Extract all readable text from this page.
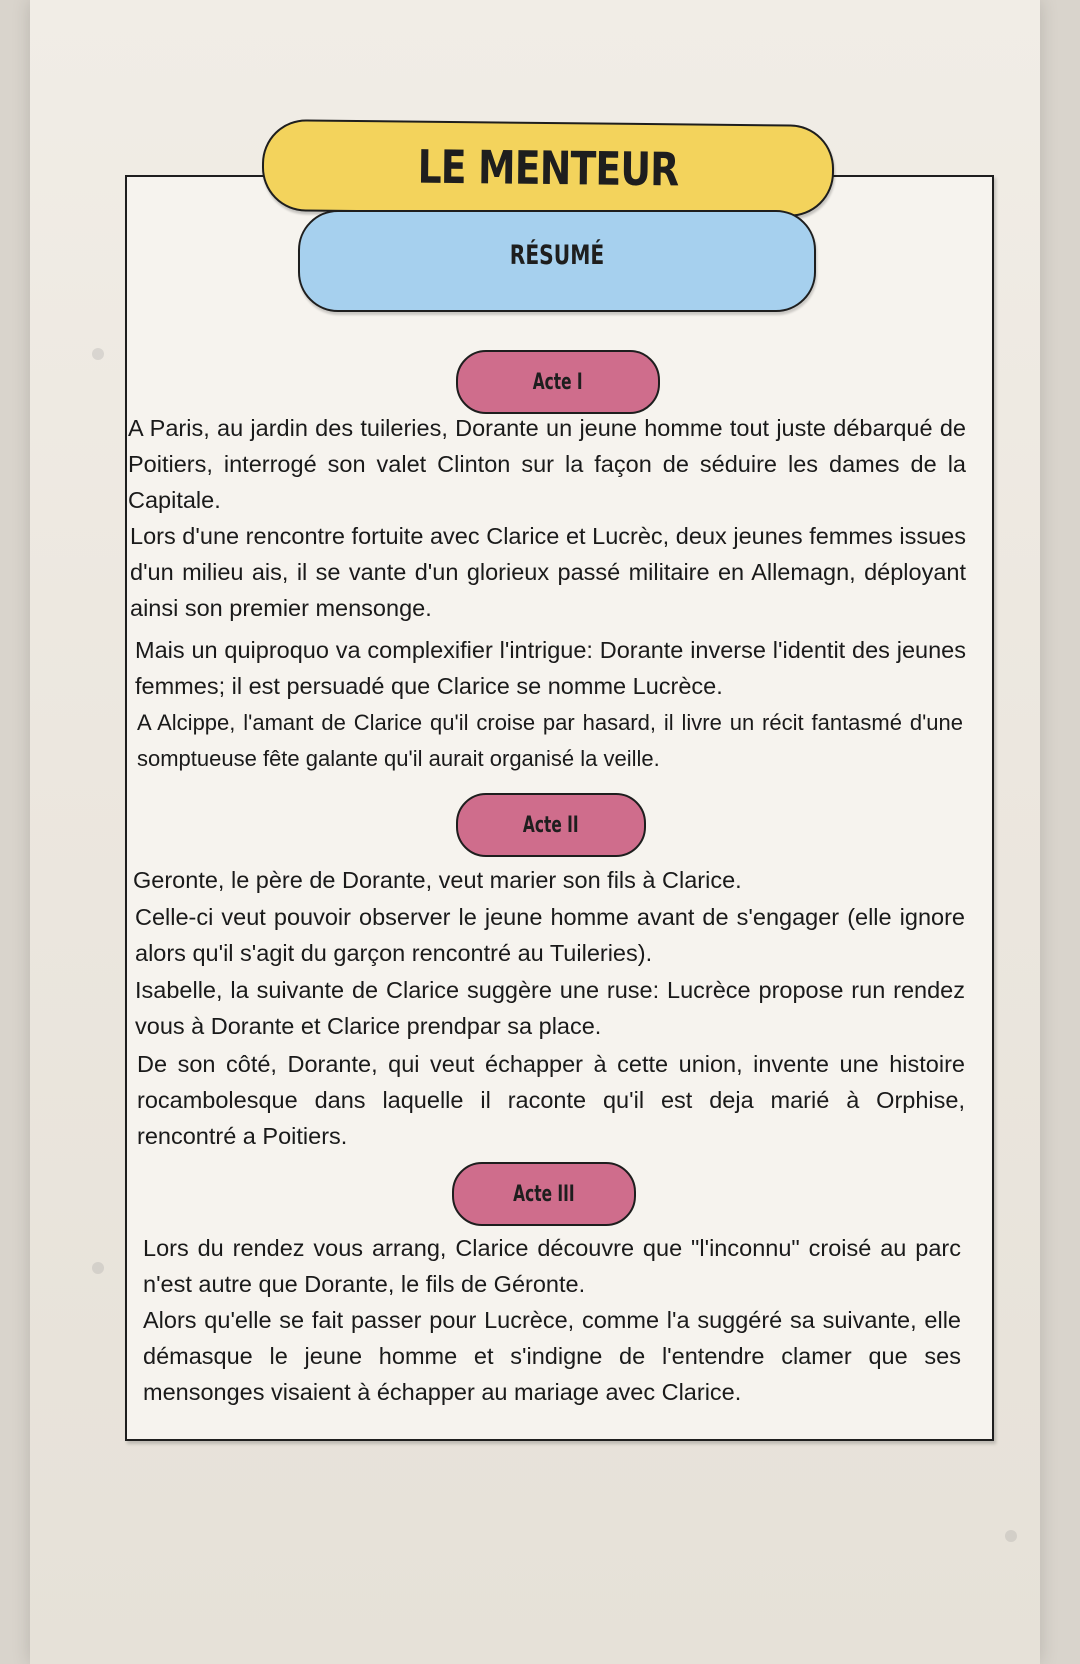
LE MENTEUR
RÉSUMÉ
Acte I

A Paris, au jardin des tuileries, Dorante un jeune homme tout juste débarqué de Poitiers, interrogé son valet Clinton sur la façon de séduire les dames de la Capitale.

Lors d'une rencontre fortuite avec Clarice et Lucrèc, deux jeunes femmes issues d'un milieu ais, il se vante d'un glorieux passé militaire en Allemagn, déployant ainsi son premier mensonge.

Mais un quiproquo va complexifier l'intrigue: Dorante inverse l'identit des jeunes femmes; il est persuadé que Clarice se nomme Lucrèce.

A Alcippe, l'amant de Clarice qu'il croise par hasard, il livre un récit fantasmé d'une somptueuse fête galante qu'il aurait organisé la veille.

Acte II

Geronte, le père de Dorante, veut marier son fils à Clarice.

Celle-ci veut pouvoir observer le jeune homme avant de s'engager (elle ignore alors qu'il s'agit du garçon rencontré au Tuileries).

Isabelle, la suivante de Clarice suggère une ruse: Lucrèce propose run rendez vous à Dorante et Clarice prendpar sa place.

De son côté, Dorante, qui veut échapper à cette union, invente une histoire rocambolesque dans laquelle il raconte qu'il est deja marié à Orphise, rencontré a Poitiers.

Acte III

Lors du rendez vous arrang, Clarice découvre que "l'inconnu" croisé au parc n'est autre que Dorante, le fils de Géronte.

Alors qu'elle se fait passer pour Lucrèce, comme l'a suggéré sa suivante, elle démasque le jeune homme et s'indigne de l'entendre clamer que ses mensonges visaient à échapper au mariage avec Clarice.
